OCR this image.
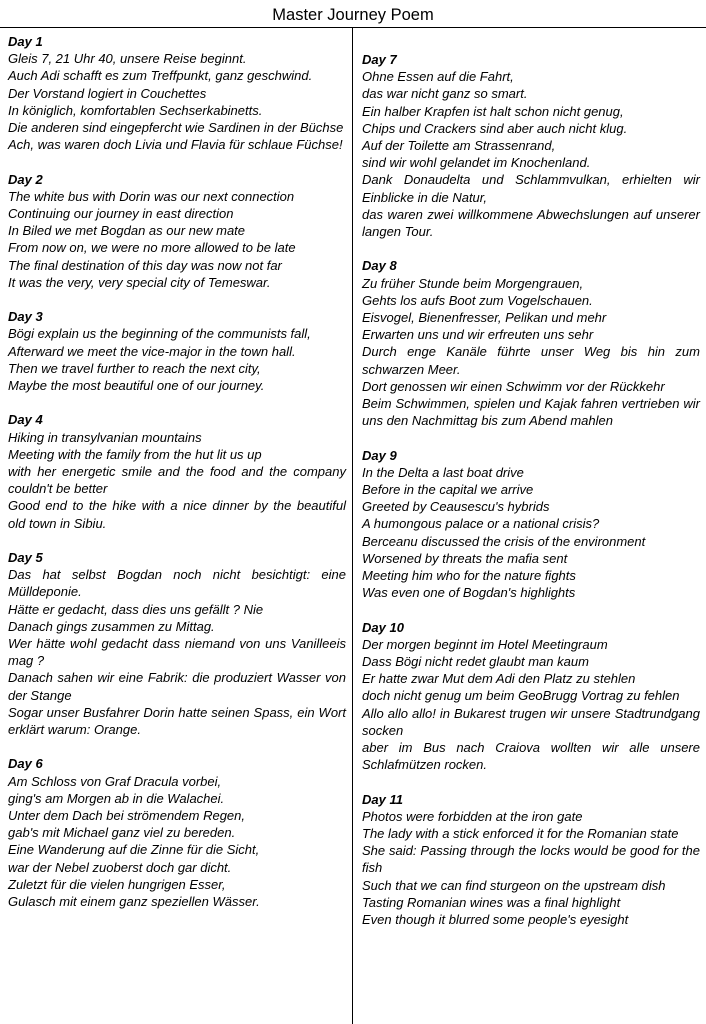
Master Journey Poem
Day 1
Gleis 7, 21 Uhr 40, unsere Reise beginnt.
Auch Adi schafft es zum Treffpunkt, ganz geschwind.
Der Vorstand logiert in Couchettes
In königlich, komfortablen Sechserkabinetts.
Die anderen sind eingepfercht wie Sardinen in der Büchse
Ach, was waren doch Livia und Flavia für schlaue Füchse!
Day 2
The white bus with Dorin was our next connection
Continuing our journey in east direction
In Biled we met Bogdan as our new mate
From now on, we were no more allowed to be late
The final destination of this day was now not far
It was the very, very special city of Temeswar.
Day 3
Bögi explain us the beginning of the communists fall,
Afterward we meet the vice-major in the town hall.
Then we travel further to reach the next city,
Maybe the most beautiful one of our journey.
Day 4
Hiking in transylvanian mountains
Meeting with the family from the hut lit us up
with her energetic smile and the food and the company couldn't be better
Good end to the hike with a nice dinner by the beautiful old town in Sibiu.
Day 5
Das hat selbst Bogdan noch nicht besichtigt: eine Mülldeponie.
Hätte er gedacht, dass dies uns gefällt ? Nie
Danach gings zusammen zu Mittag.
Wer hätte wohl gedacht dass niemand von uns Vanilleeis mag ?
Danach sahen wir eine Fabrik: die produziert Wasser von der Stange
Sogar unser Busfahrer Dorin hatte seinen Spass, ein Wort erklärt warum: Orange.
Day 6
Am Schloss von Graf Dracula vorbei,
ging's am Morgen ab in die Walachei.
Unter dem Dach bei strömendem Regen,
gab's mit Michael ganz viel zu bereden.
Eine Wanderung auf die Zinne für die Sicht,
war der Nebel zuoberst doch gar dicht.
Zuletzt für die vielen hungrigen Esser,
Gulasch mit einem ganz speziellen Wässer.
Day 7
Ohne Essen auf die Fahrt,
das war nicht ganz so smart.
Ein halber Krapfen ist halt schon nicht genug,
Chips und Crackers sind aber auch nicht klug.
Auf der Toilette am Strassenrand,
sind wir wohl gelandet im Knochenland.
Dank Donaudelta und Schlammvulkan, erhielten wir Einblicke in die Natur,
das waren zwei willkommene Abwechslungen auf unserer langen Tour.
Day 8
Zu früher Stunde beim Morgengrauen,
Gehts los aufs Boot zum Vogelschauen.
Eisvogel, Bienenfresser, Pelikan und mehr
Erwarten uns und wir erfreuten uns sehr
Durch enge Kanäle führte unser Weg bis hin zum schwarzen Meer.
Dort genossen wir einen Schwimm vor der Rückkehr
Beim Schwimmen, spielen und Kajak fahren vertrieben wir uns den Nachmittag bis zum Abend mahlen
Day 9
In the Delta a last boat drive
Before in the capital we arrive
Greeted by Ceausescu's hybrids
A humongous palace or a national crisis?
Berceanu discussed the crisis of the environment
Worsened by threats the mafia sent
Meeting him who for the nature fights
Was even one of Bogdan's highlights
Day 10
Der morgen beginnt im Hotel Meetingraum
Dass Bögi nicht redet glaubt man kaum
Er hatte zwar Mut dem Adi den Platz zu stehlen
doch nicht genug um beim GeoBrugg Vortrag zu fehlen
Allo allo allo! in Bukarest trugen wir unsere Stadtrundgang socken
aber im Bus nach Craiova wollten wir alle unsere Schlafmützen rocken.
Day 11
Photos were forbidden at the iron gate
The lady with a stick enforced it for the Romanian state
She said: Passing through the locks would be good for the fish
Such that we can find sturgeon on the upstream dish
Tasting Romanian wines was a final highlight
Even though it blurred some people's eyesight
